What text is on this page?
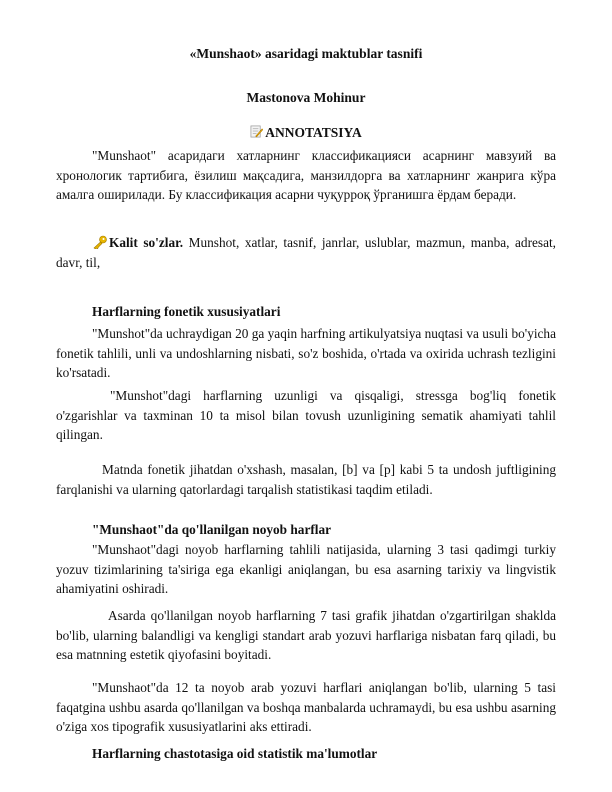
«Munshaot» asaridagi maktublar tasnifi
Mastonova Mohinur
ANNOTATSIYA

"Munshaot" асаридаги хатларнинг классификацияси асарнинг мавзуий ва хронологик тартибига, ёзилиш мақсадига, манзилдорга ва хатларнинг жанрига кўра амалга оширилади. Бу классификация асарни чуқурроқ ўрганишга ёрдам беради.

Kalit so'zlar. Munshot, xatlar, tasnif, janrlar, uslublar, mazmun, manba, adresat, davr, til,

Harflarning fonetik xususiyatlari

"Munshot"da uchraydigan 20 ga yaqin harfning artikulyatsiya nuqtasi va usuli bo'yicha fonetik tahlili, unli va undoshlarning nisbati, so'z boshida, o'rtada va oxirida uchrash tezligini ko'rsatadi.

"Munshot"dagi harflarning uzunligi va qisqaligi, stressga bog'liq fonetik o'zgarishlar va taxminan 10 ta misol bilan tovush uzunligining sematik ahamiyati tahlil qilingan.

Matnda fonetik jihatdan o'xshash, masalan, [b] va [p] kabi 5 ta undosh juftligining farqlanishi va ularning qatorlardagi tarqalish statistikasi taqdim etiladi.

"Munshaot"da qo'llanilgan noyob harflar

"Munshaot"dagi noyob harflarning tahlili natijasida, ularning 3 tasi qadimgi turkiy yozuv tizimlarining ta'siriga ega ekanligi aniqlangan, bu esa asarning tarixiy va lingvistik ahamiyatini oshiradi.

Asarda qo'llanilgan noyob harflarning 7 tasi grafik jihatdan o'zgartirilgan shaklda bo'lib, ularning balandligi va kengligi standart arab yozuvi harflariga nisbatan farq qiladi, bu esa matnning estetik qiyofasini boyitadi.

"Munshaot"da 12 ta noyob arab yozuvi harflari aniqlangan bo'lib, ularning 5 tasi faqatgina ushbu asarda qo'llanilgan va boshqa manbalarda uchramaydi, bu esa ushbu asarning o'ziga xos tipografik xususiyatlarini aks ettiradi.

Harflarning chastotasiga oid statistik ma'lumotlar
